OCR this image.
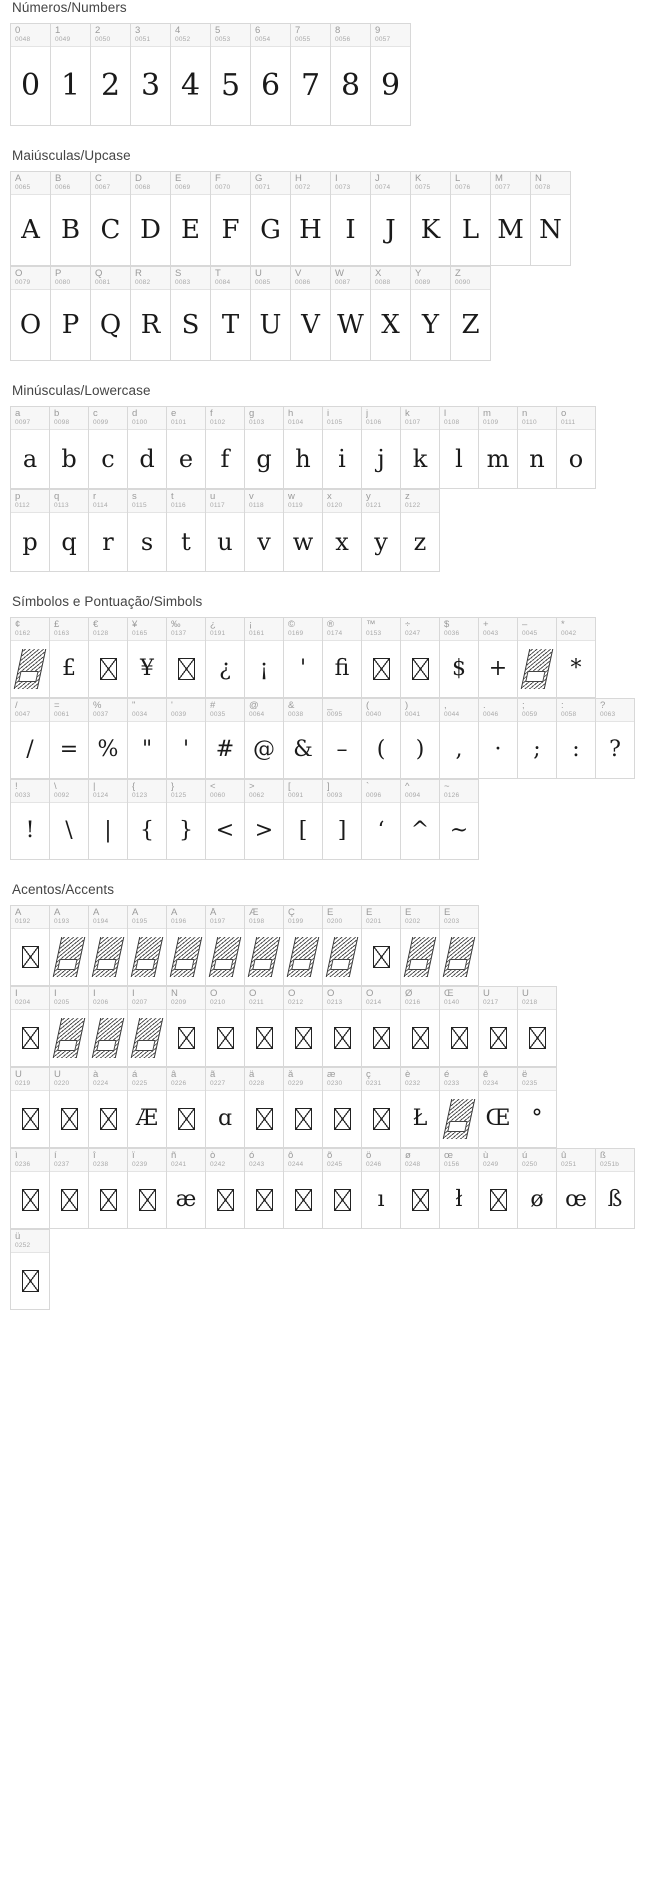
Números/Numbers
0
0048
0
1
0049
1
2
0050
2
3
0051
3
4
0052
4
5
0053
5
6
0054
6
7
0055
7
8
0056
8
9
0057
9
Maiúsculas/Upcase
A
0065
A
B
0066
B
C
0067
C
D
0068
D
E
0069
E
F
0070
F
G
0071
G
H
0072
H
I
0073
I
J
0074
J
K
0075
K
L
0076
L
M
0077
M
N
0078
N
O
0079
O
P
0080
P
Q
0081
Q
R
0082
R
S
0083
S
T
0084
T
U
0085
U
V
0086
V
W
0087
W
X
0088
X
Y
0089
Y
Z
0090
Z
Minúsculas/Lowercase
a
0097
a
b
0098
b
c
0099
c
d
0100
d
e
0101
e
f
0102
f
g
0103
g
h
0104
h
i
0105
i
j
0106
j
k
0107
k
l
0108
l
m
0109
m
n
0110
n
o
0111
o
p
0112
p
q
0113
q
r
0114
r
s
0115
s
t
0116
t
u
0117
u
v
0118
v
w
0119
w
x
0120
x
y
0121
y
z
0122
z
Símbolos e Pontuação/Simbols
¢
0162
£
0163
£
€
0128
¥
0165
¥
‰
0137
¿
0191
¿
¡
0161
¡
©
0169
'
®
0174
fi
™
0153
÷
0247
$
0036
$
+
0043
+
–
0045
*
0042
*
/
0047
/
=
0061
=
%
0037
%
"
0034
"
'
0039
'
#
0035
#
@
0064
@
&
0038
&
_
0095
–
(
0040
(
)
0041
)
,
0044
,
.
0046
·
;
0059
;
:
0058
:
?
0063
?
!
0033
!
\
0092
\
|
0124
|
{
0123
{
}
0125
}
<
0060
<
>
0062
>
[
0091
[
]
0093
]
`
0096
‘
^
0094
^
~
0126
~
Acentos/Accents
À
0192
Á
0193
Â
0194
Ã
0195
Ä
0196
Å
0197
Æ
0198
Ç
0199
È
0200
É
0201
Ê
0202
Ë
0203
Ì
0204
Í
0205
Î
0206
Ï
0207
Ñ
0209
Ò
0210
Ó
0211
Ô
0212
Õ
0213
Ö
0214
Ø
0216
Œ
0140
Ù
0217
Ú
0218
Û
0219
Ü
0220
à
0224
á
0225
Æ
â
0226
ã
0227
ɑ
ä
0228
å
0229
æ
0230
ç
0231
è
0232
Ł
é
0233
ê
0234
Œ
ë
0235
°
ì
0236
í
0237
î
0238
ï
0239
ñ
0241
æ
ò
0242
ó
0243
ô
0244
õ
0245
ö
0246
ı
ø
0248
œ
0156
ł
ù
0249
ú
0250
ø
û
0251
œ
ß
0251b
ß
ü
0252
